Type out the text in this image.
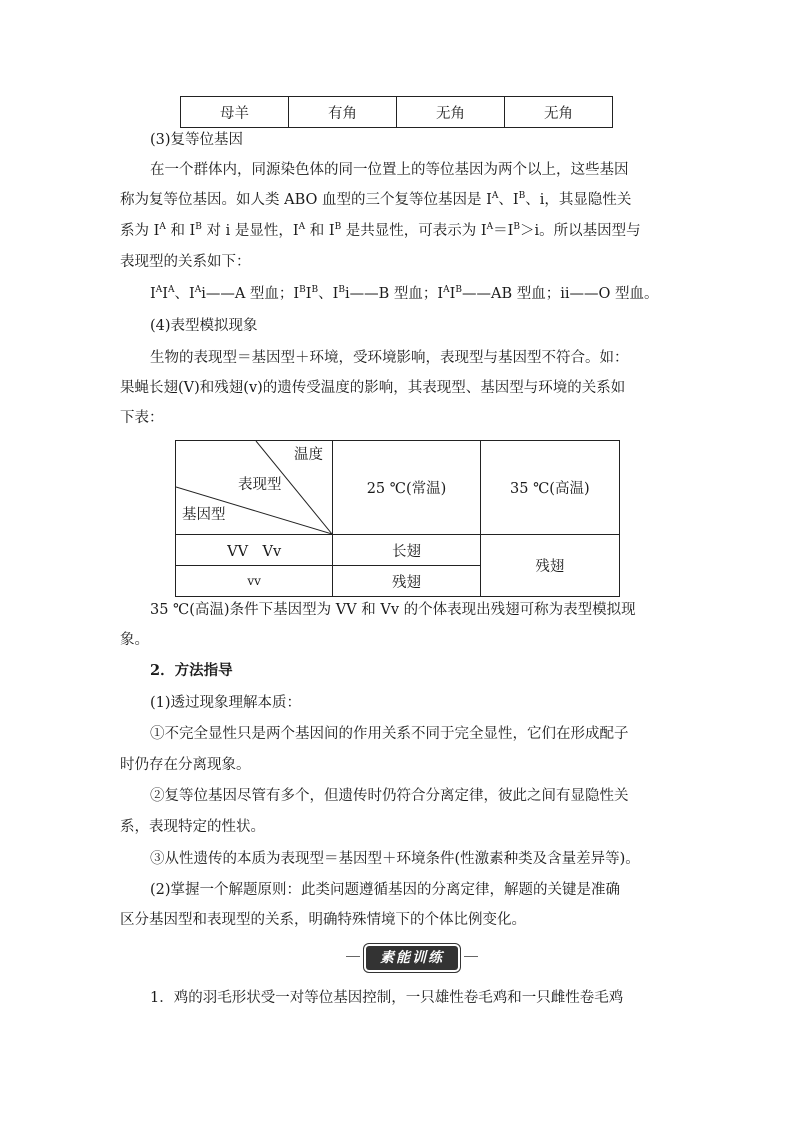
母羊	有角	无角	无角
(3)复等位基因
在一个群体内，同源染色体的同一位置上的等位基因为两个以上，这些基因
称为复等位基因。如人类 ABO 血型的三个复等位基因是 $I^A$、$I^B$、i，其显隐性关
系为 $I^A$ 和 $I^B$ 对 i 是显性，$I^A$ 和 $I^B$ 是共显性，可表示为 $I^A=I^B>i$。所以基因型与
表现型的关系如下：
$I^AI^A$、$I^Ai——A$ 型血；$I^BI^B$、$I^Bi——B$ 型血；$I^AI^B——AB$ 型血；ii——O 型血。
(4)表型模拟现象
生物的表现型＝基因型＋环境，受环境影响，表现型与基因型不符合。如：
果蝇长翅(V)和残翅(v)的遗传受温度的影响，其表现型、基因型与环境的关系如
下表：
温度
表现型
基因型	25 ℃(常温)	35 ℃(高温)
VV　Vv	长翅	残翅
vv	残翅	
35 ℃(高温)条件下基因型为 VV 和 Vv 的个体表现出残翅可称为表型模拟现
象。
2．方法指导
(1)透过现象理解本质：
①不完全显性只是两个基因间的作用关系不同于完全显性，它们在形成配子
时仍存在分离现象。
②复等位基因尽管有多个，但遗传时仍符合分离定律，彼此之间有显隐性关
系，表现特定的性状。
③从性遗传的本质为表现型＝基因型＋环境条件(性激素种类及含量差异等)。
(2)掌握一个解题原则：此类问题遵循基因的分离定律，解题的关键是准确
区分基因型和表现型的关系，明确特殊情境下的个体比例变化。
素能训练
1．鸡的羽毛形状受一对等位基因控制，一只雄性卷毛鸡和一只雌性卷毛鸡
